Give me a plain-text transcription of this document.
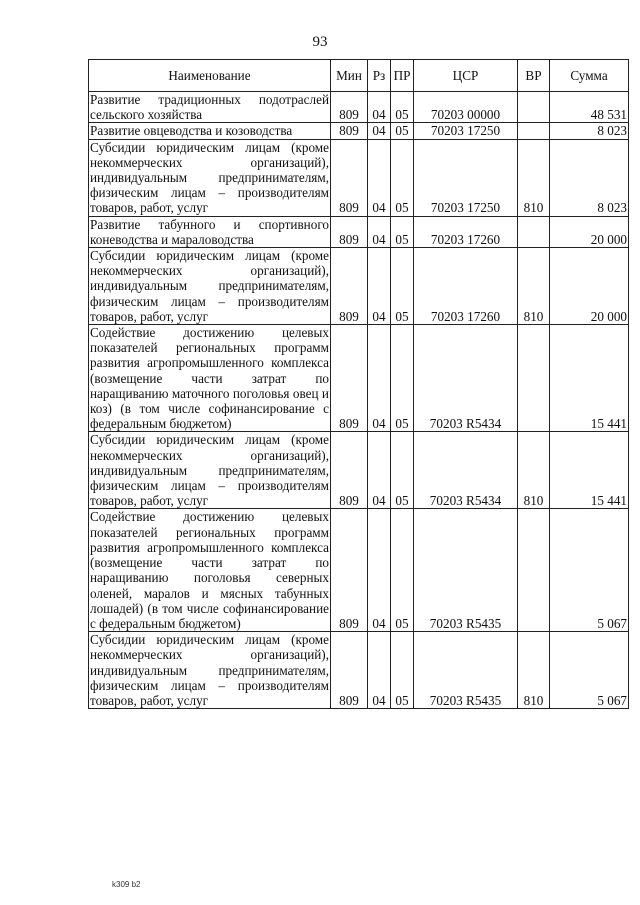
93
Наименование	Мин	Рз	ПР	ЦСР	ВР	Сумма
Развитие традиционных подотраслей сельского хозяйства	809	04	05	70203 00000		48 531
Развитие овцеводства и козоводства	809	04	05	70203 17250		8 023
Субсидии юридическим лицам (кроме некоммерческих организаций), индивидуальным предпринимателям, физическим лицам – производителям товаров, работ, услуг	809	04	05	70203 17250	810	8 023
Развитие табунного и спортивного коневодства и мараловодства	809	04	05	70203 17260		20 000
Субсидии юридическим лицам (кроме некоммерческих организаций), индивидуальным предпринимателям, физическим лицам – производителям товаров, работ, услуг	809	04	05	70203 17260	810	20 000
Содействие достижению целевых показателей региональных программ развития агропромышленного комплекса (возмещение части затрат по наращиванию маточного поголовья овец и коз) (в том числе софинансирование с федеральным бюджетом)	809	04	05	70203 R5434		15 441
Субсидии юридическим лицам (кроме некоммерческих организаций), индивидуальным предпринимателям, физическим лицам – производителям товаров, работ, услуг	809	04	05	70203 R5434	810	15 441
Содействие достижению целевых показателей региональных программ развития агропромышленного комплекса (возмещение части затрат по наращиванию поголовья северных оленей, маралов и мясных табунных лошадей) (в том числе софинансирование с федеральным бюджетом)	809	04	05	70203 R5435		5 067
Субсидии юридическим лицам (кроме некоммерческих организаций), индивидуальным предпринимателям, физическим лицам – производителям товаров, работ, услуг	809	04	05	70203 R5435	810	5 067
k309 b2
